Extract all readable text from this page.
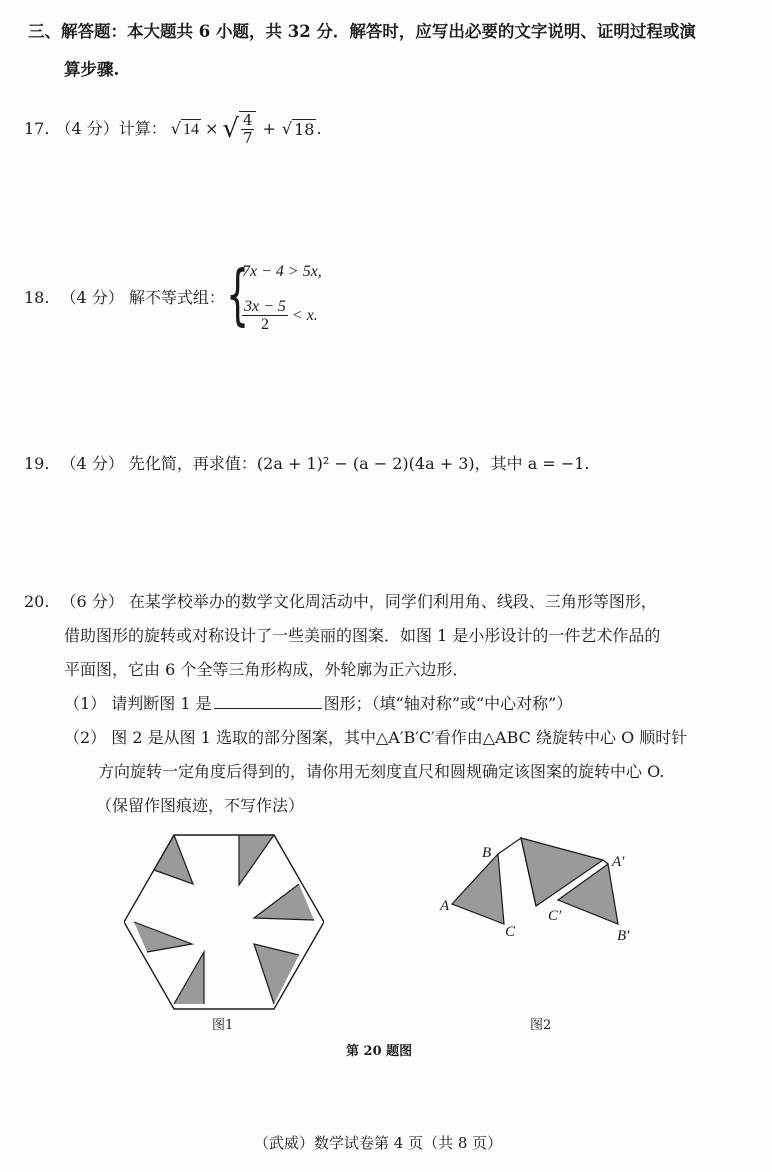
三、解答题：本大题共 6 小题，共 32 分．解答时，应写出必要的文字说明、证明过程或演
算步骤.
17. （4 分） 计算： √ 14 × √ $\frac{4}{7}$ + √ 18 .
18. （4 分） 解不等式组： {
7x − 4 > 5x,
$\frac{3x - 5}{2} < x$.
19. （4 分） 先化简，再求值：(2a + 1)² − (a − 2)(4a + 3)，其中 a = −1.
20. （6 分） 在某学校举办的数学文化周活动中，同学们利用角、线段、三角形等图形，
借助图形的旋转或对称设计了一些美丽的图案．如图 1 是小彤设计的一件艺术作品的
平面图，它由 6 个全等三角形构成，外轮廓为正六边形．
（1） 请判断图 1 是	图形；（填“轴对称”或“中心对称”）
（2） 图 2 是从图 1 选取的部分图案，其中△A′B′C′看作由△ABC 绕旋转中心 O 顺时针
方向旋转一定角度后得到的，请你用无刻度直尺和圆规确定该图案的旋转中心 O.
（保留作图痕迹，不写作法）
图1
A
B
C
A′
B′
C′
图2
第 20 题图
（武威）数学试卷第 4 页（共 8 页）
